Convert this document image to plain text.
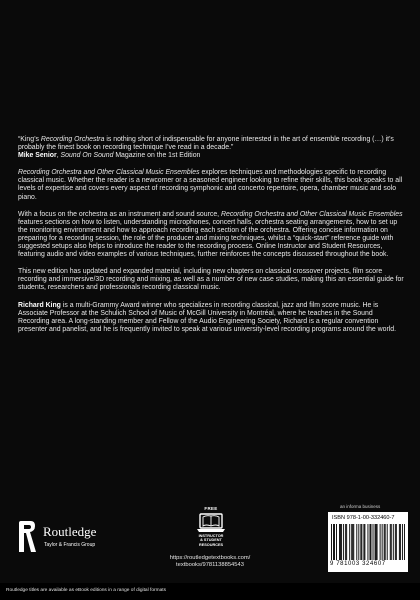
“King’s Recording Orchestra is nothing short of indispensable for anyone interested in the art of ensemble recording (…) it’s probably the finest book on recording technique I’ve read in a decade.”
Mike Senior, Sound On Sound Magazine on the 1st Edition

Recording Orchestra and Other Classical Music Ensembles explores techniques and methodologies specific to recording classical music. Whether the reader is a newcomer or a seasoned engineer looking to refine their skills, this book speaks to all levels of expertise and covers every aspect of recording symphonic and concerto repertoire, opera, chamber music and solo piano.

With a focus on the orchestra as an instrument and sound source, Recording Orchestra and Other Classical Music Ensembles features sections on how to listen, understanding microphones, concert halls, orchestra seating arrangements, how to set up the monitoring environment and how to approach recording each section of the orchestra. Offering concise information on preparing for a recording session, the role of the producer and mixing techniques, whilst a “quick-start” reference guide with suggested setups also helps to introduce the reader to the recording process. Online Instructor and Student Resources, featuring audio and video examples of various techniques, further reinforces the concepts discussed throughout the book.

This new edition has updated and expanded material, including new chapters on classical crossover projects, film score recording and immersive/3D recording and mixing, as well as a number of new case studies, making this an essential guide for students, researchers and professionals recording classical music.

Richard King is a multi-Grammy Award winner who specializes in recording classical, jazz and film score music. He is Associate Professor at the Schulich School of Music of McGill University in Montréal, where he teaches in the Sound Recording area. A long-standing member and Fellow of the Audio Engineering Society, Richard is a regular convention presenter and panelist, and he is frequently invited to speak at various university-level recording programs around the world.

Routledge
Taylor & Francis Group
FREE
INSTRUCTOR
& STUDENT
RESOURCES
https://routledgetextbooks.com/
textbooks/9781138854543
an informa business
ISBN 978-1-00-332460-7
9 781003 324607
Routledge titles are available as eBook editions in a range of digital formats
